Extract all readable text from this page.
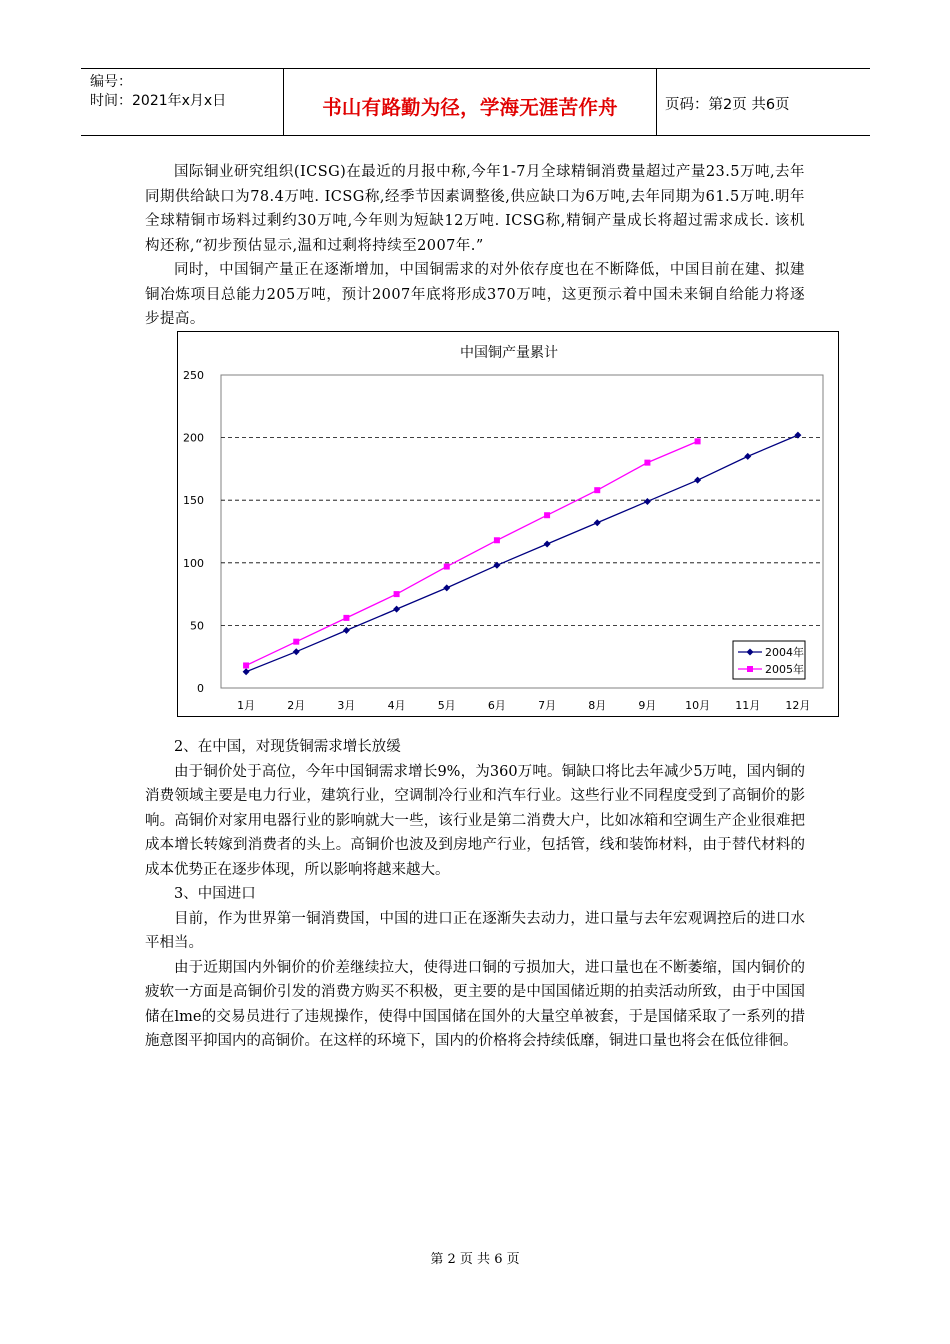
编号：
时间：2021年x月x日	书山有路勤为径，学海无涯苦作舟	页码：第2页 共6页

国际铜业研究组织(ICSG)在最近的月报中称,今年1-7月全球精铜消费量超过产量23.5万吨,去年同期供给缺口为78.4万吨. ICSG称,经季节因素调整後,供应缺口为6万吨,去年同期为61.5万吨.明年全球精铜市场料过剩约30万吨,今年则为短缺12万吨. ICSG称,精铜产量成长将超过需求成长. 该机构还称,“初步预估显示,温和过剩将持续至2007年.”

同时，中国铜产量正在逐渐增加，中国铜需求的对外依存度也在不断降低，中国目前在建、拟建铜冶炼项目总能力205万吨，预计2007年底将形成370万吨，这更预示着中国未来铜自给能力将逐步提高。

中国铜产量累计
0
50
100
150
200
250
1月	2月	3月	4月	5月	6月	7月	8月	9月	10月 11月 12月
2004年
2005年

2、在中国，对现货铜需求增长放缓

由于铜价处于高位，今年中国铜需求增长9%，为360万吨。铜缺口将比去年减少5万吨，国内铜的消费领域主要是电力行业，建筑行业，空调制冷行业和汽车行业。这些行业不同程度受到了高铜价的影响。高铜价对家用电器行业的影响就大一些，该行业是第二消费大户，比如冰箱和空调生产企业很难把成本增长转嫁到消费者的头上。高铜价也波及到房地产行业，包括管，线和装饰材料，由于替代材料的成本优势正在逐步体现，所以影响将越来越大。

3、中国进口

目前，作为世界第一铜消费国，中国的进口正在逐渐失去动力，进口量与去年宏观调控后的进口水平相当。

由于近期国内外铜价的价差继续拉大，使得进口铜的亏损加大，进口量也在不断萎缩，国内铜价的疲软一方面是高铜价引发的消费方购买不积极，更主要的是中国国储近期的拍卖活动所致，由于中国国储在lme的交易员进行了违规操作，使得中国国储在国外的大量空单被套，于是国储采取了一系列的措施意图平抑国内的高铜价。在这样的环境下，国内的价格将会持续低靡，铜进口量也将会在低位徘徊。

第 2 页 共 6 页
